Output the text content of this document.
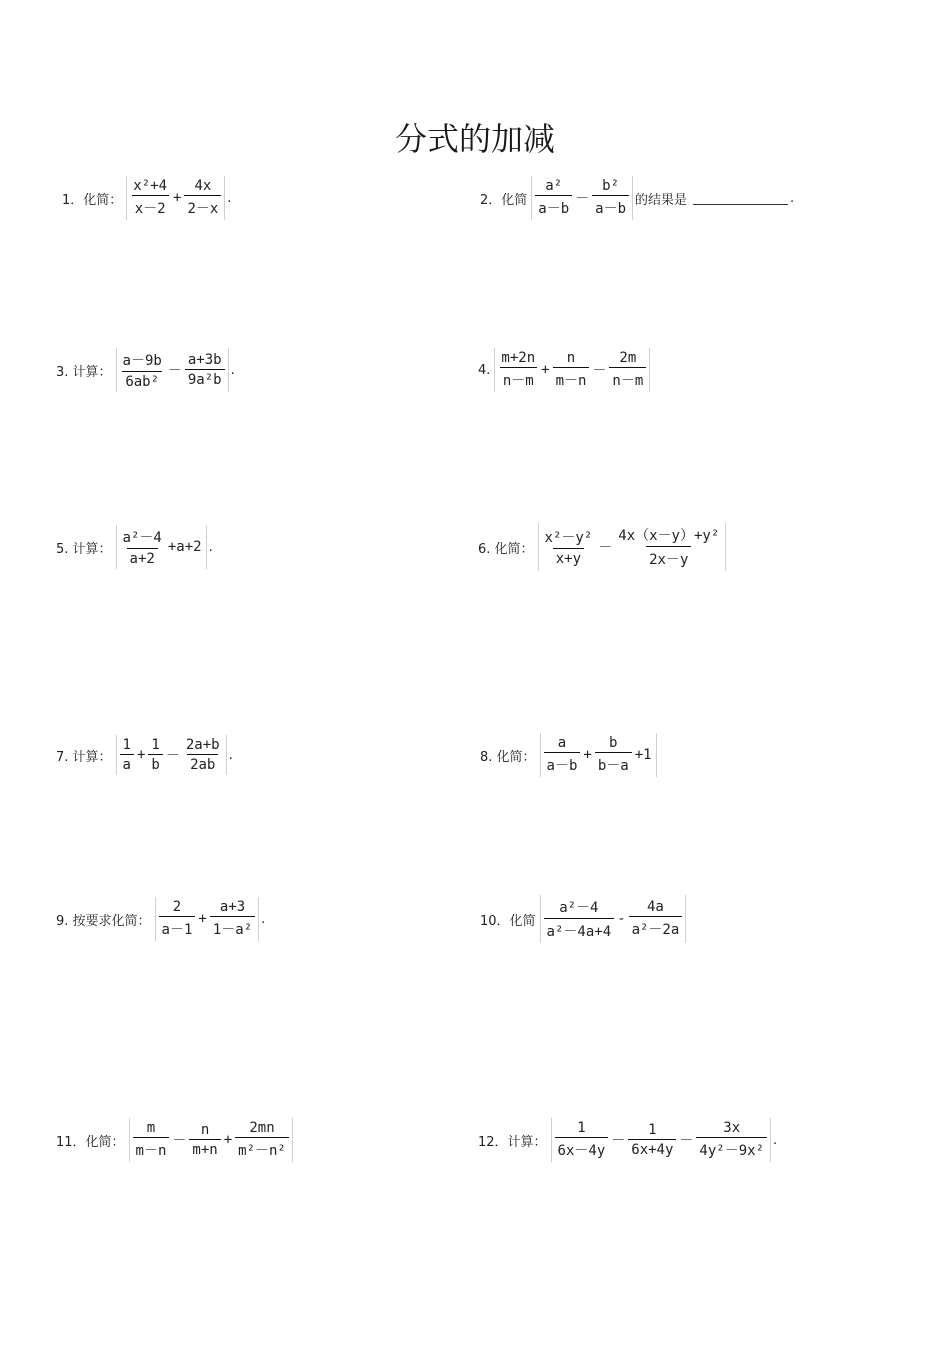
分式的加减
1．化简： $\frac{\text{x²+4}}{x-2} + \frac{4x}{2-x}$ .	2．化简 $\frac{\text{a²}}{a-b} - \frac{\text{b²}}{a-b}$ 的结果是	.
3. 计算： $\frac{a-9b}{\text{6ab²}} - \frac{a+3b}{\text{9a²b}}$ .	4. $\frac{m+2n}{n-m} + \frac{n}{m-n} - \frac{2m}{n-m}$
5. 计算： $\frac{\text{a²－4}}{a+2} +a+2$ .	6. 化简： $\frac{\text{x²－y²}}{x+y} - \frac{\text{4x（x－y）+y²}}{2x-y}$
7. 计算： $\frac{1}{a} + \frac{1}{b} - \frac{2a+b}{2ab}$ .	8. 化简： $\frac{a}{a-b} + \frac{b}{b-a} +1$
9. 按要求化简： $\frac{2}{a-1} + \frac{a+3}{\text{1－a²}}$ .	10．化简 $\frac{\text{a²－4}}{\text{a²－4a+4}} - \frac{4a}{\text{a²－2a}}$
11．化简： $\frac{m}{m-n} - \frac{n}{m+n} + \frac{2mn}{\text{m²－n²}}$	12．计算： $\frac{1}{6x-4y} - \frac{1}{6x+4y} - \frac{3x}{\text{4y²－9x²}}$ .
